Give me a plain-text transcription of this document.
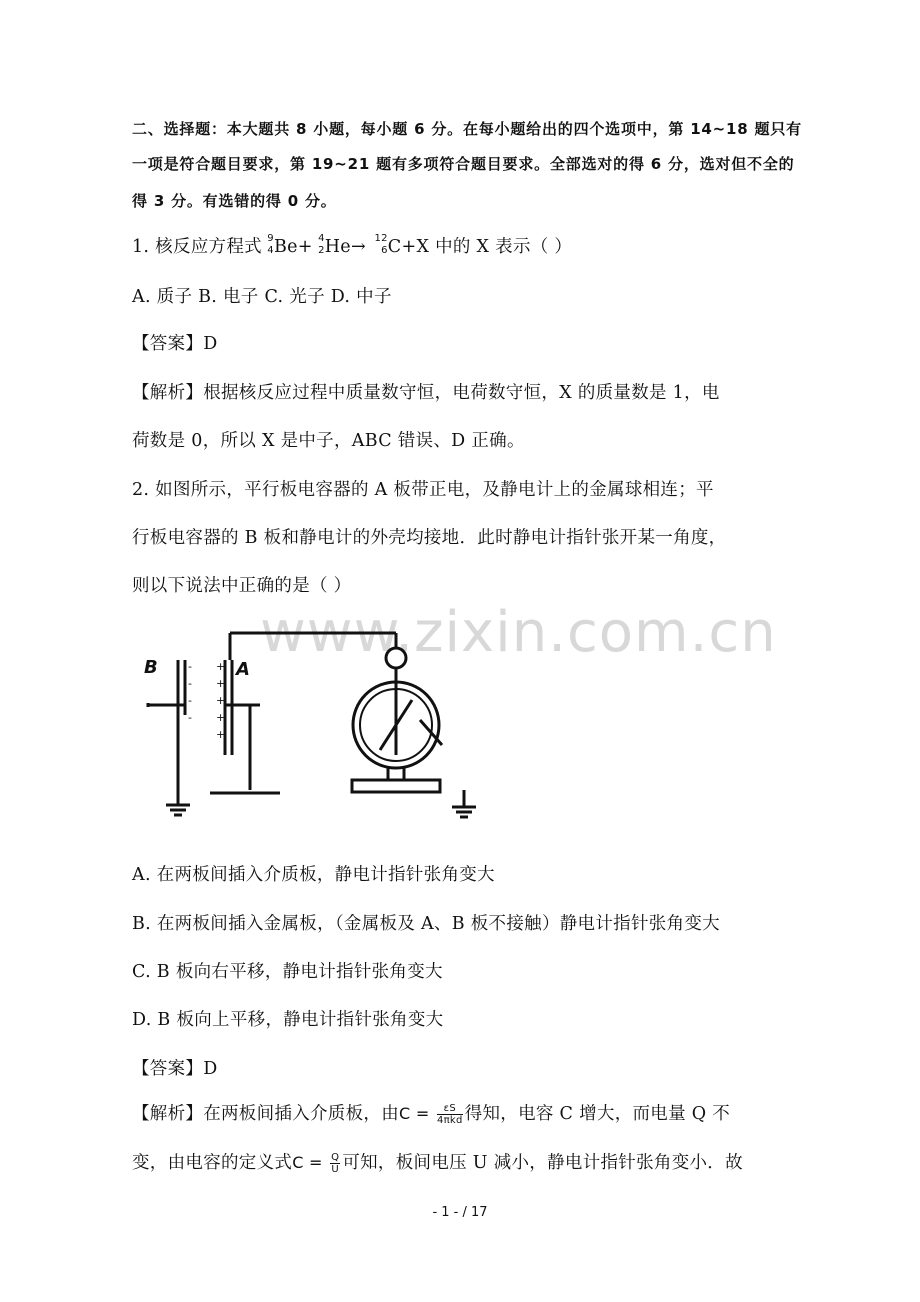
二、选择题：本大题共 8 小题，每小题 6 分。在每小题给出的四个选项中，第 14~18 题只有
一项是符合题目要求，第 19~21 题有多项符合题目要求。全部选对的得 6 分，选对但不全的
得 3 分。有选错的得 0 分。
1. 核反应方程式 9
4 Be+ 4
2 He→ 12
6 C+X 中的 X 表示（ ）
A. 质子 B. 电子 C. 光子 D. 中子
【答案】D
【解析】根据核反应过程中质量数守恒，电荷数守恒，X 的质量数是 1，电
荷数是 0，所以 X 是中子，ABC 错误、D 正确。
2. 如图所示，平行板电容器的 A 板带正电，及静电计上的金属球相连；平
行板电容器的 B 板和静电计的外壳均接地．此时静电计指针张开某一角度，
则以下说法中正确的是（ ）
www.zixin.com.cn
-
-
-
-
+
+
+
+
+
B	A
A. 在两板间插入介质板，静电计指针张角变大
B. 在两板间插入金属板，（金属板及 A、B 板不接触）静电计指针张角变大
C. B 板向右平移，静电计指针张角变大
D. B 板向上平移，静电计指针张角变大
【答案】D
【解析】在两板间插入介质板，由$C = \frac{\varepsilon S}{\text{4πkd}}$ 得知，电容 C 增大，而电量 Q 不
变，由电容的定义式$C = \frac{Q}{U}$ 可知，板间电压 U 减小，静电计指针张角变小．故
- 1 - / 17
